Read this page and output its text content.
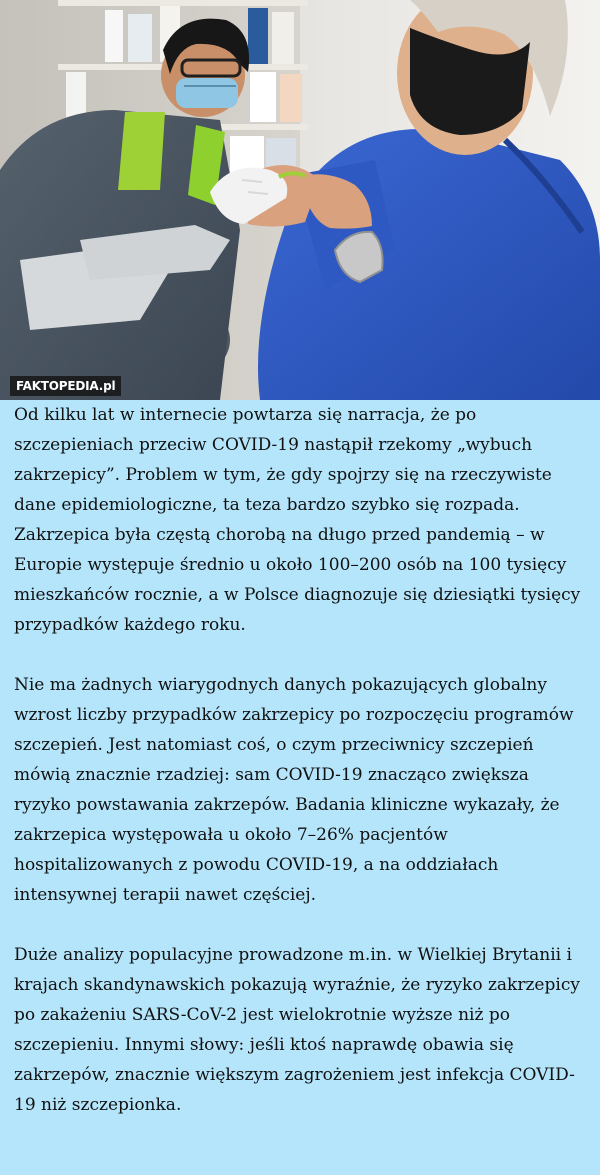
FAKTOPEDIA.pl

Od kilku lat w internecie powtarza się narracja, że po szczepieniach przeciw COVID-19 nastąpił rzekomy „wybuch zakrzepicy”. Problem w tym, że gdy spojrzy się na rzeczywiste dane epidemiologiczne, ta teza bardzo szybko się rozpada. Zakrzepica była częstą chorobą na długo przed pandemią – w Europie występuje średnio u około 100–200 osób na 100 tysięcy mieszkańców rocznie, a w Polsce diagnozuje się dziesiątki tysięcy przypadków każdego roku.

Nie ma żadnych wiarygodnych danych pokazujących globalny wzrost liczby przypadków zakrzepicy po rozpoczęciu programów szczepień. Jest natomiast coś, o czym przeciwnicy szczepień mówią znacznie rzadziej: sam COVID-19 znacząco zwiększa ryzyko powstawania zakrzepów. Badania kliniczne wykazały, że zakrzepica występowała u około 7–26% pacjentów hospitalizowanych z powodu COVID-19, a na oddziałach intensywnej terapii nawet częściej.

Duże analizy populacyjne prowadzone m.in. w Wielkiej Brytanii i krajach skandynawskich pokazują wyraźnie, że ryzyko zakrzepicy po zakażeniu SARS-CoV-2 jest wielokrotnie wyższe niż po szczepieniu. Innymi słowy: jeśli ktoś naprawdę obawia się zakrzepów, znacznie większym zagrożeniem jest infekcja COVID-19 niż szczepionka.
